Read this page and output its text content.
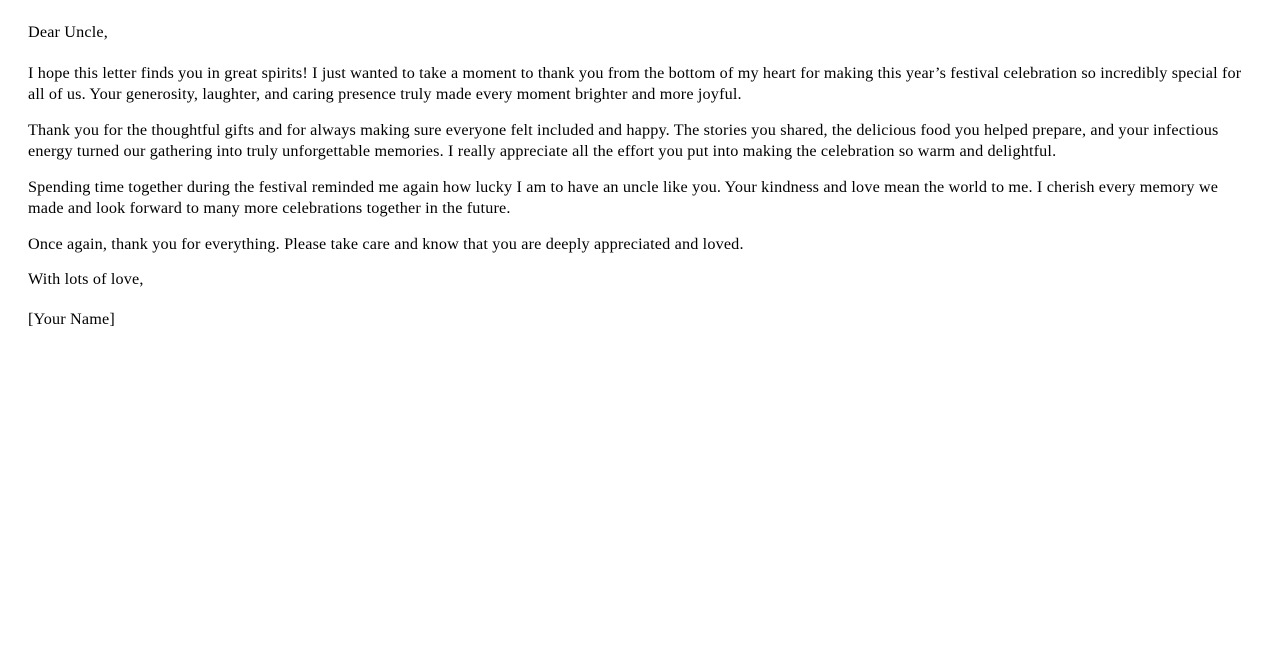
Dear Uncle,

I hope this letter finds you in great spirits! I just wanted to take a moment to thank you from the bottom of my heart for making this year’s festival celebration so incredibly special for all of us. Your generosity, laughter, and caring presence truly made every moment brighter and more joyful.

Thank you for the thoughtful gifts and for always making sure everyone felt included and happy. The stories you shared, the delicious food you helped prepare, and your infectious energy turned our gathering into truly unforgettable memories. I really appreciate all the effort you put into making the celebration so warm and delightful.

Spending time together during the festival reminded me again how lucky I am to have an uncle like you. Your kindness and love mean the world to me. I cherish every memory we made and look forward to many more celebrations together in the future.

Once again, thank you for everything. Please take care and know that you are deeply appreciated and loved.

With lots of love,

[Your Name]
